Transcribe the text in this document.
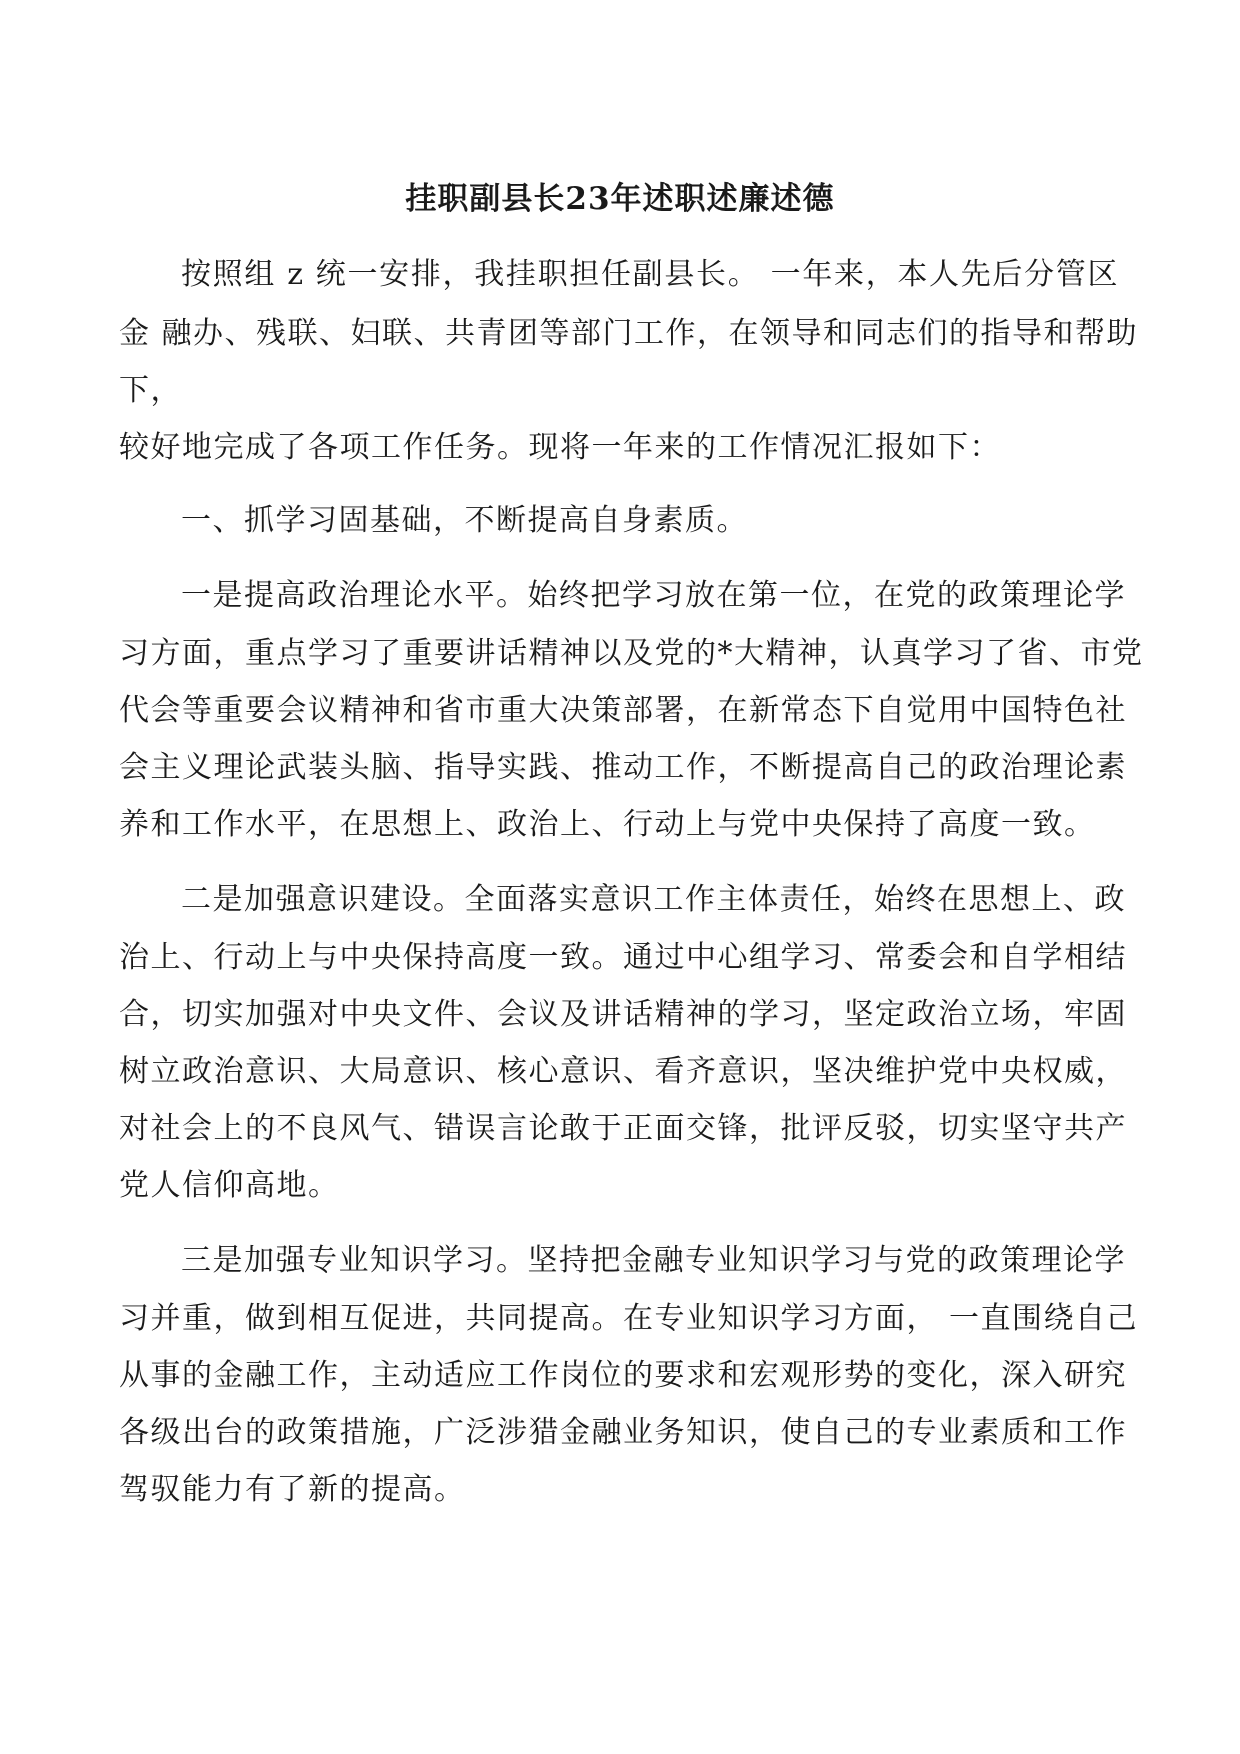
挂职副县长23年述职述廉述德
按照组 z 统一安排，我挂职担任副县长。 一年来，本人先后分管区
金 融办、残联、妇联、共青团等部门工作，在领导和同志们的指导和帮助
下，
较好地完成了各项工作任务。现将一年来的工作情况汇报如下：
一、抓学习固基础，不断提高自身素质。
一是提高政治理论水平。始终把学习放在第一位，在党的政策理论学
习方面，重点学习了重要讲话精神以及党的*大精神，认真学习了省、市党
代会等重要会议精神和省市重大决策部署，在新常态下自觉用中国特色社
会主义理论武装头脑、指导实践、推动工作，不断提高自己的政治理论素
养和工作水平，在思想上、政治上、行动上与党中央保持了高度一致。
二是加强意识建设。全面落实意识工作主体责任，始终在思想上、政
治上、行动上与中央保持高度一致。通过中心组学习、常委会和自学相结
合，切实加强对中央文件、会议及讲话精神的学习，坚定政治立场，牢固
树立政治意识、大局意识、核心意识、看齐意识，坚决维护党中央权威，
对社会上的不良风气、错误言论敢于正面交锋，批评反驳，切实坚守共产
党人信仰高地。
三是加强专业知识学习。坚持把金融专业知识学习与党的政策理论学
习并重，做到相互促进，共同提高。在专业知识学习方面， 一直围绕自己
从事的金融工作，主动适应工作岗位的要求和宏观形势的变化，深入研究
各级出台的政策措施，广泛涉猎金融业务知识，使自己的专业素质和工作
驾驭能力有了新的提高。
